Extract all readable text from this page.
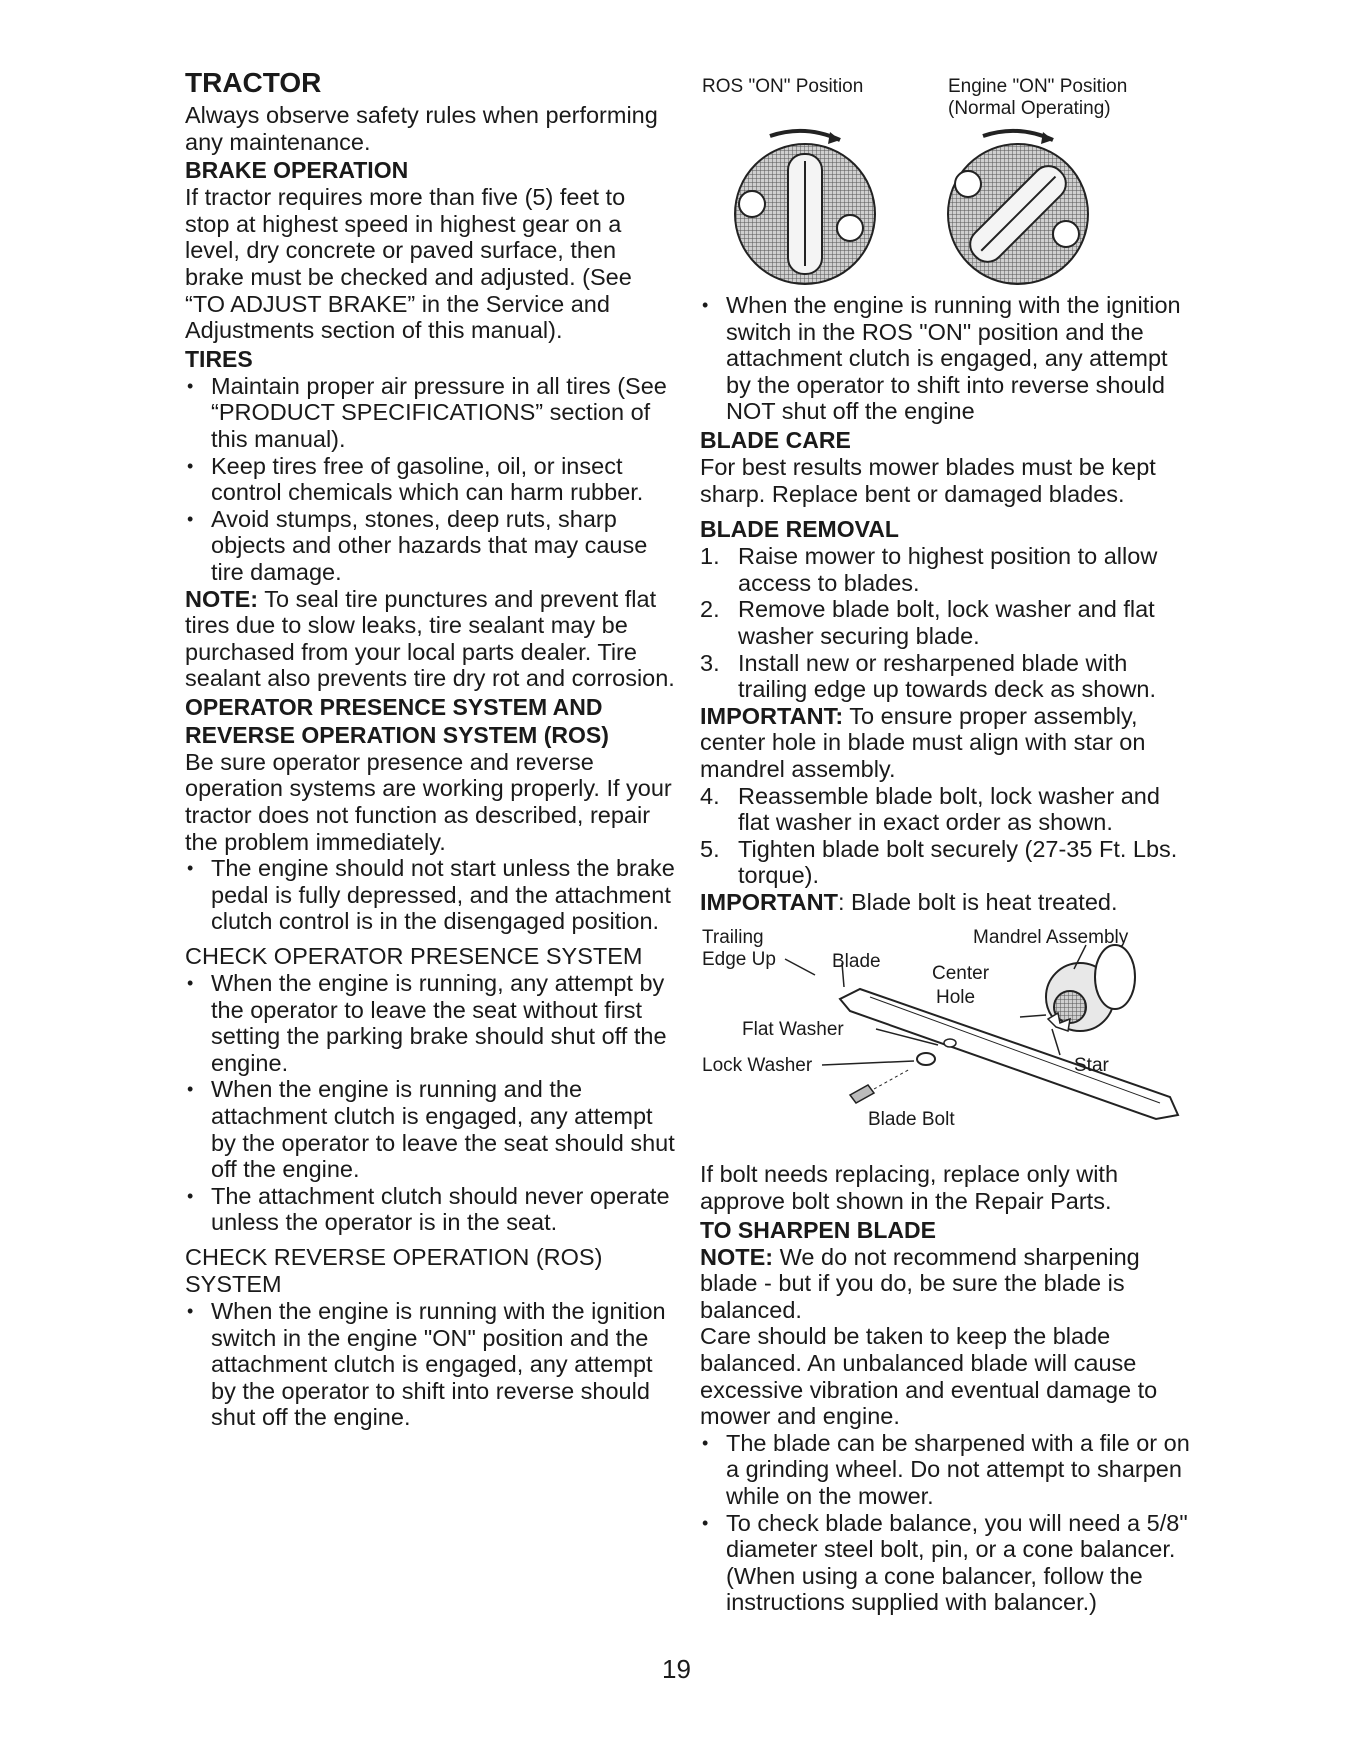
TRACTOR

Always observe safety rules when performing any maintenance.

BRAKE OPERATION

If tractor requires more than five (5) feet to stop at highest speed in highest gear on a level, dry concrete or paved surface, then brake must be checked and adjusted. (See “TO ADJUST BRAKE” in the Service and Adjustments section of this manual).

TIRES
• Maintain proper air pressure in all tires (See “PRODUCT SPECIFICATIONS” section of this manual).
• Keep tires free of gasoline, oil, or insect control chemicals which can harm rubber.
• Avoid stumps, stones, deep ruts, sharp objects and other hazards that may cause tire damage.

NOTE: To seal tire punctures and prevent flat tires due to slow leaks, tire sealant may be purchased from your local parts dealer. Tire sealant also prevents tire dry rot and corrosion.

OPERATOR PRESENCE SYSTEM AND REVERSE OPERATION SYSTEM (ROS)

Be sure operator presence and reverse operation systems are working properly. If your tractor does not function as described, repair the problem immediately.

• The engine should not start unless the brake pedal is fully depressed, and the attachment clutch control is in the disengaged position.
CHECK OPERATOR PRESENCE SYSTEM
• When the engine is running, any attempt by the operator to leave the seat without first setting the parking brake should shut off the engine.
• When the engine is running and the attachment clutch is engaged, any attempt by the operator to leave the seat should shut off the engine.
• The attachment clutch should never operate unless the operator is in the seat.
CHECK REVERSE OPERATION (ROS) SYSTEM
• When the engine is running with the ignition switch in the engine "ON" position and the attachment clutch is engaged, any attempt by the operator to shift into reverse should shut off the engine.
ROS "ON" Position	Engine "ON" Position
(Normal Operating)
• When the engine is running with the ignition switch in the ROS "ON" position and the attachment clutch is engaged, any attempt by the operator to shift into reverse should NOT shut off the engine
BLADE CARE

For best results mower blades must be kept sharp. Replace bent or damaged blades.

BLADE REMOVAL
1. Raise mower to highest position to allow access to blades.
2. Remove blade bolt, lock washer and flat washer securing blade.
3. Install new or resharpened blade with trailing edge up towards deck as shown.

IMPORTANT: To ensure proper assembly, center hole in blade must align with star on mandrel assembly.

4. Reassemble blade bolt, lock washer and flat washer in exact order as shown.
5. Tighten blade bolt securely (27-35 Ft. Lbs. torque).

IMPORTANT: Blade bolt is heat treated.

Trailing
Edge Up	Blade
Mandrel Assembly
Center
Hole
Flat Washer
Lock Washer	Star
Blade Bolt

If bolt needs replacing, replace only with approve bolt shown in the Repair Parts.

TO SHARPEN BLADE

NOTE: We do not recommend sharpening blade - but if you do, be sure the blade is balanced.

Care should be taken to keep the blade balanced. An unbalanced blade will cause excessive vibration and eventual damage to mower and engine.

• The blade can be sharpened with a file or on a grinding wheel. Do not attempt to sharpen while on the mower.
• To check blade balance, you will need a 5/8" diameter steel bolt, pin, or a cone balancer. (When using a cone balancer, follow the instructions supplied with balancer.)
19
